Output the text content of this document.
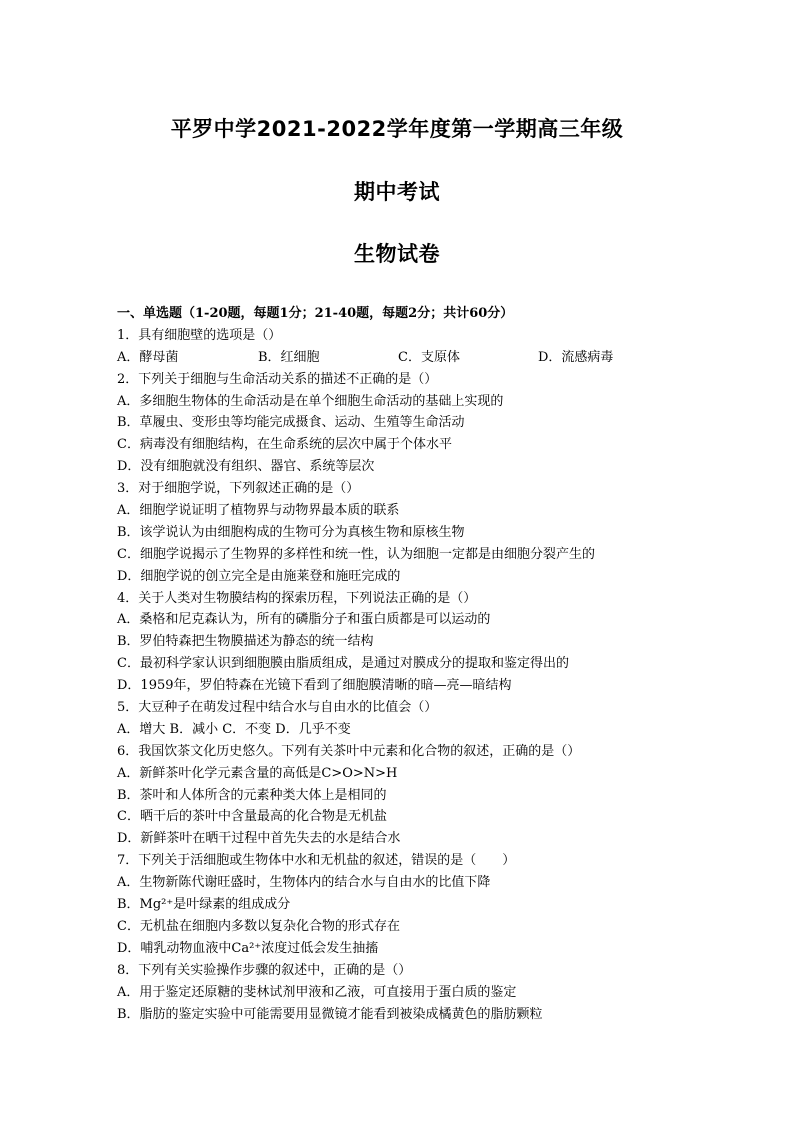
平罗中学2021-2022学年度第一学期高三年级
期中考试
生物试卷
一、单选题（1-20题，每题1分；21-40题，每题2分；共计60分）
1．具有细胞壁的选项是（）
A．酵母菌	B．红细胞	C．支原体	D．流感病毒
2．下列关于细胞与生命活动关系的描述不正确的是（）
A．多细胞生物体的生命活动是在单个细胞生命活动的基础上实现的
B．草履虫、变形虫等均能完成摄食、运动、生殖等生命活动
C．病毒没有细胞结构，在生命系统的层次中属于个体水平
D．没有细胞就没有组织、器官、系统等层次
3．对于细胞学说，下列叙述正确的是（）
A．细胞学说证明了植物界与动物界最本质的联系
B．该学说认为由细胞构成的生物可分为真核生物和原核生物
C．细胞学说揭示了生物界的多样性和统一性，认为细胞一定都是由细胞分裂产生的
D．细胞学说的创立完全是由施莱登和施旺完成的
4．关于人类对生物膜结构的探索历程，下列说法正确的是（）
A．桑格和尼克森认为，所有的磷脂分子和蛋白质都是可以运动的
B．罗伯特森把生物膜描述为静态的统一结构
C．最初科学家认识到细胞膜由脂质组成，是通过对膜成分的提取和鉴定得出的
D．1959年，罗伯特森在光镜下看到了细胞膜清晰的暗—亮—暗结构
5．大豆种子在萌发过程中结合水与自由水的比值会（）
A．增大 B．减小 C．不变 D．几乎不变
6．我国饮茶文化历史悠久。下列有关茶叶中元素和化合物的叙述，正确的是（）
A．新鲜茶叶化学元素含量的高低是C>O>N>H
B．茶叶和人体所含的元素种类大体上是相同的
C．晒干后的茶叶中含量最高的化合物是无机盐
D．新鲜茶叶在晒干过程中首先失去的水是结合水
7．下列关于活细胞或生物体中水和无机盐的叙述，错误的是（　　）
A．生物新陈代谢旺盛时，生物体内的结合水与自由水的比值下降
B．Mg²⁺是叶绿素的组成成分
C．无机盐在细胞内多数以复杂化合物的形式存在
D．哺乳动物血液中Ca²⁺浓度过低会发生抽搐
8．下列有关实验操作步骤的叙述中，正确的是（）
A．用于鉴定还原糖的斐林试剂甲液和乙液，可直接用于蛋白质的鉴定
B．脂肪的鉴定实验中可能需要用显微镜才能看到被染成橘黄色的脂肪颗粒
